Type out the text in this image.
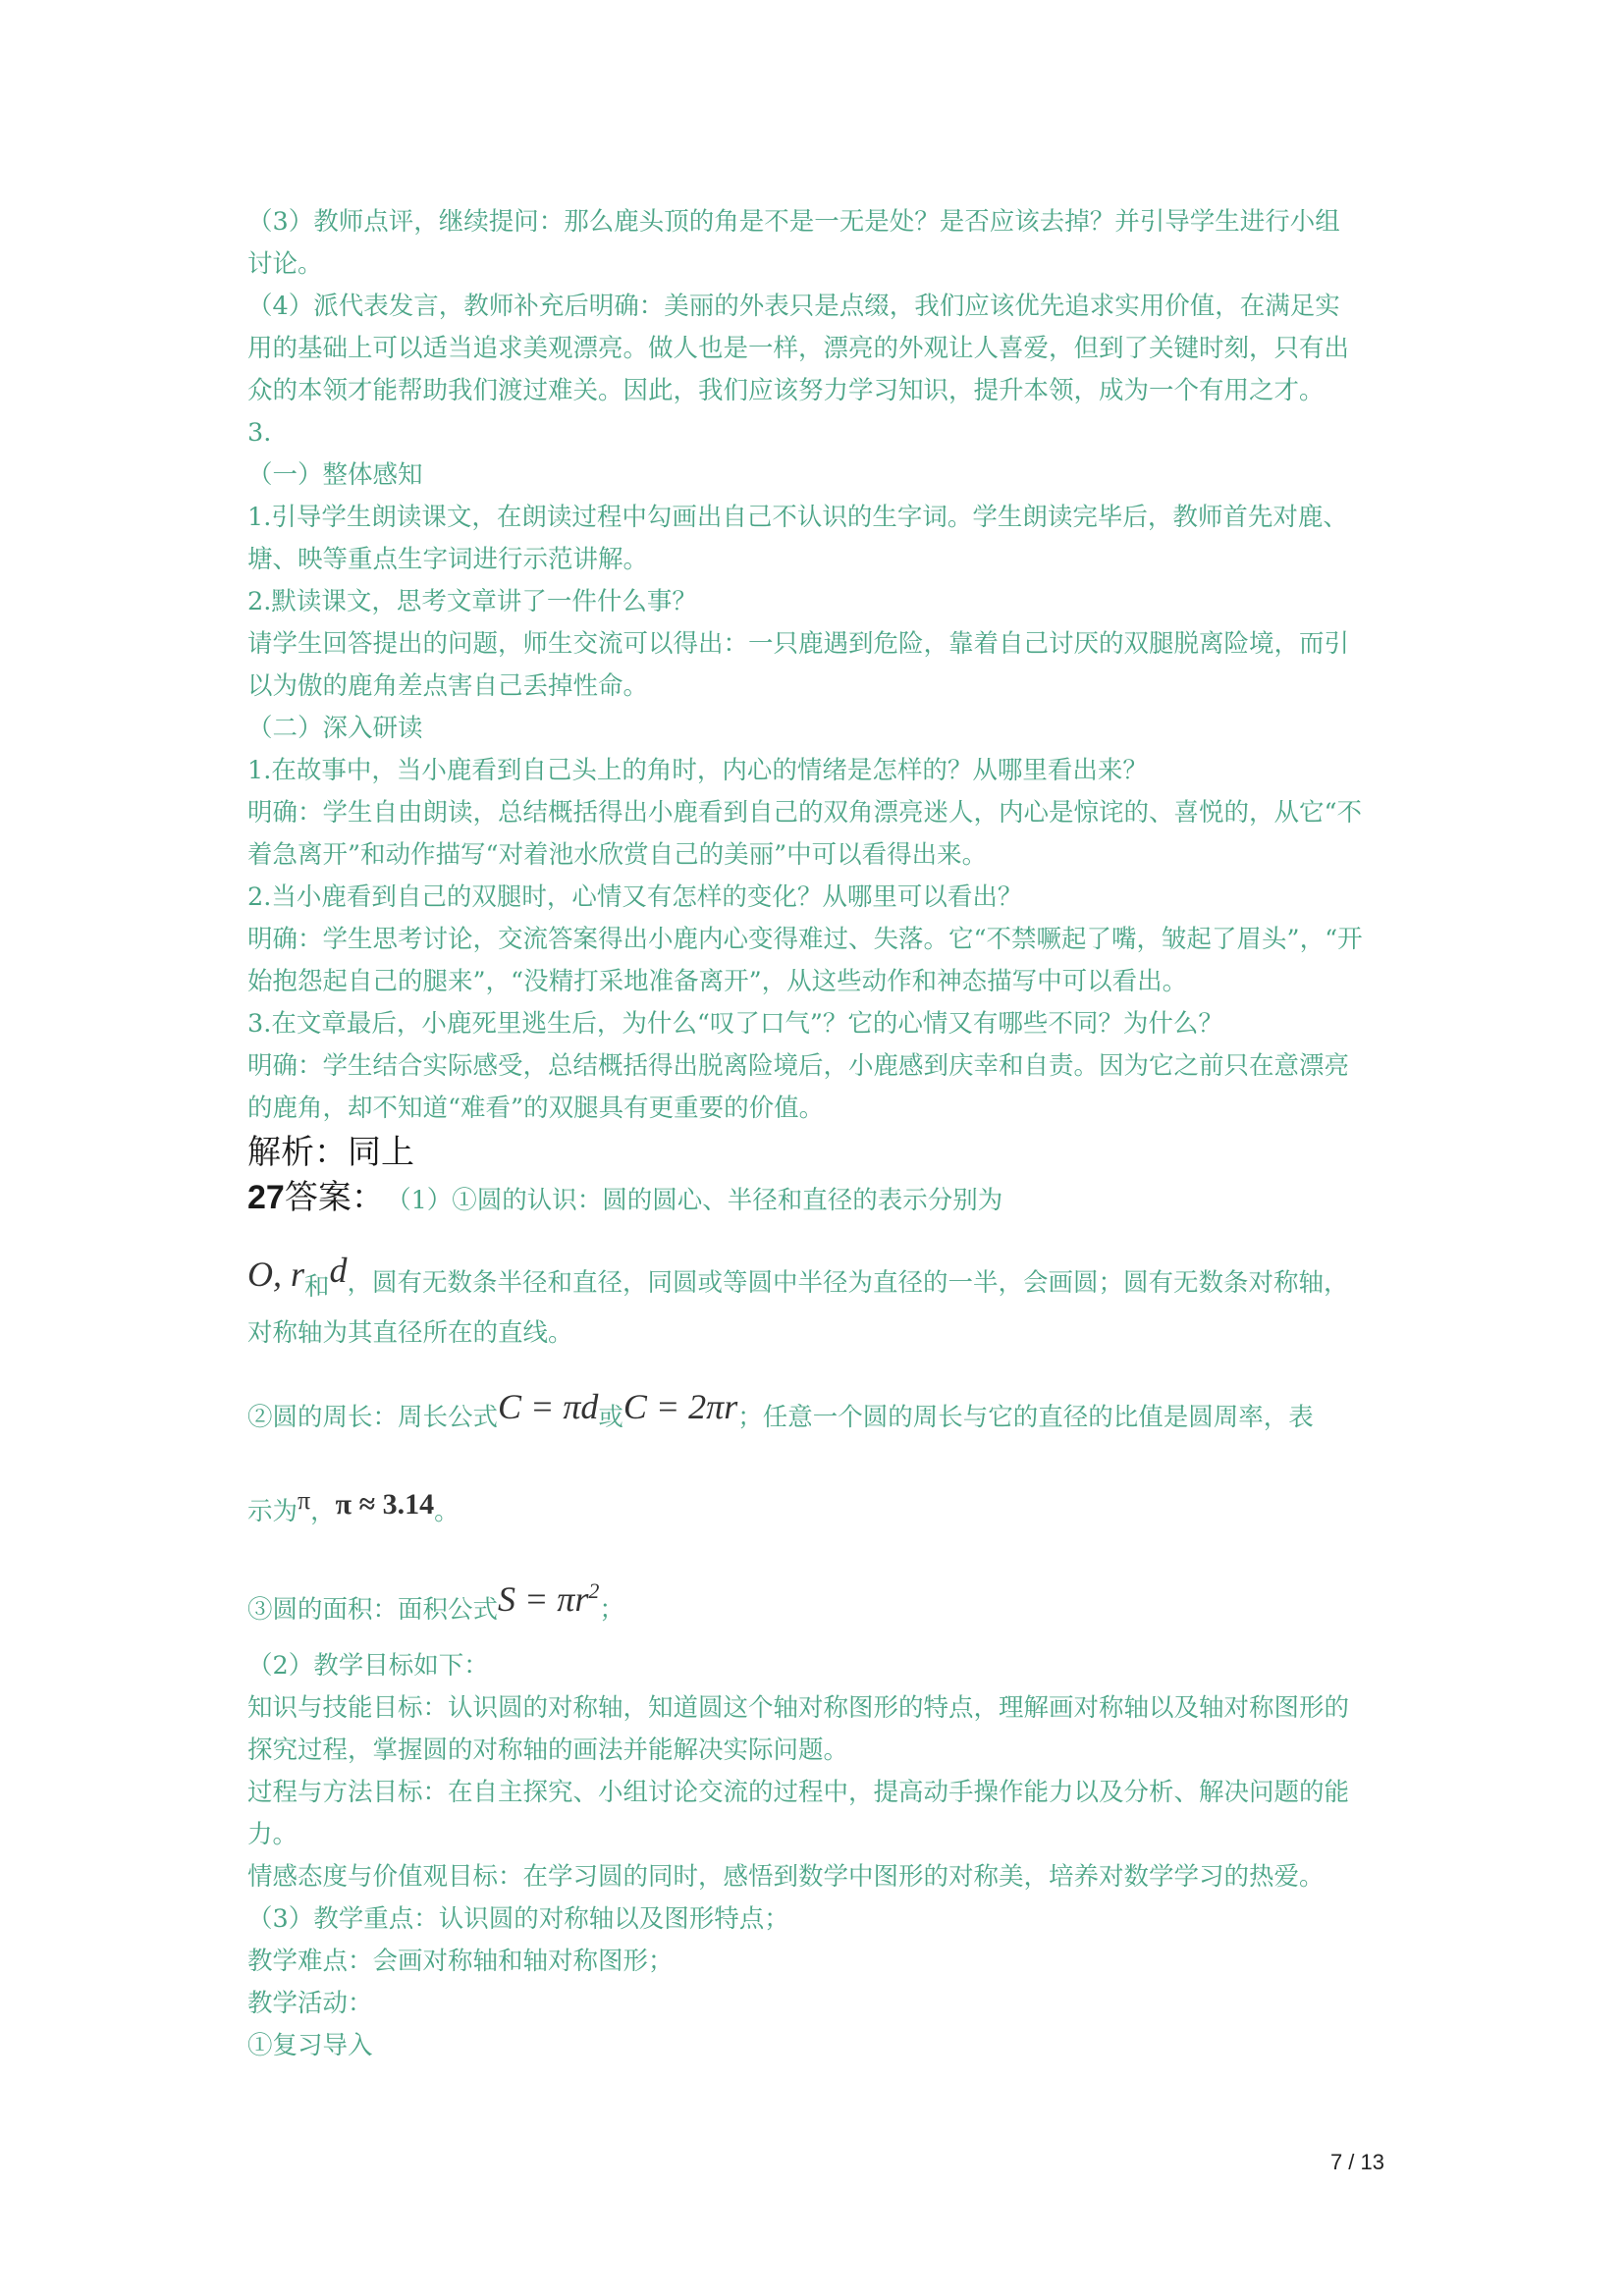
（3）教师点评，继续提问：那么鹿头顶的角是不是一无是处？是否应该去掉？并引导学生进行小组
讨论。
（4）派代表发言，教师补充后明确：美丽的外表只是点缀，我们应该优先追求实用价值，在满足实
用的基础上可以适当追求美观漂亮。做人也是一样，漂亮的外观让人喜爱，但到了关键时刻，只有出
众的本领才能帮助我们渡过难关。因此，我们应该努力学习知识，提升本领，成为一个有用之才。
3.
（一）整体感知
1.引导学生朗读课文，在朗读过程中勾画出自己不认识的生字词。学生朗读完毕后，教师首先对鹿、
塘、映等重点生字词进行示范讲解。
2.默读课文，思考文章讲了一件什么事？
请学生回答提出的问题，师生交流可以得出：一只鹿遇到危险，靠着自己讨厌的双腿脱离险境，而引
以为傲的鹿角差点害自己丢掉性命。
（二）深入研读
1.在故事中，当小鹿看到自己头上的角时，内心的情绪是怎样的？从哪里看出来？
明确：学生自由朗读，总结概括得出小鹿看到自己的双角漂亮迷人，内心是惊诧的、喜悦的，从它“不
着急离开”和动作描写“对着池水欣赏自己的美丽”中可以看得出来。
2.当小鹿看到自己的双腿时，心情又有怎样的变化？从哪里可以看出？
明确：学生思考讨论，交流答案得出小鹿内心变得难过、失落。它“不禁噘起了嘴，皱起了眉头”，“开
始抱怨起自己的腿来”，“没精打采地准备离开”，从这些动作和神态描写中可以看出。
3.在文章最后，小鹿死里逃生后，为什么“叹了口气”？它的心情又有哪些不同？为什么？
明确：学生结合实际感受，总结概括得出脱离险境后，小鹿感到庆幸和自责。因为它之前只在意漂亮
的鹿角，却不知道“难看”的双腿具有更重要的价值。
解析：同上
27答案： （1）①圆的认识：圆的圆心、半径和直径的表示分别为
O, r 和 d ，圆有无数条半径和直径，同圆或等圆中半径为直径的一半，会画圆；圆有无数条对称轴，
对称轴为其直径所在的直线。
②圆的周长：周长公式 C = πd 或 C = 2πr ；任意一个圆的周长与它的直径的比值是圆周率，表
示为 π ， π ≈ 3.14 。
③圆的面积：面积公式 $S = \pi r^2$
；
（2）教学目标如下：
知识与技能目标：认识圆的对称轴，知道圆这个轴对称图形的特点，理解画对称轴以及轴对称图形的
探究过程，掌握圆的对称轴的画法并能解决实际问题。
过程与方法目标：在自主探究、小组讨论交流的过程中，提高动手操作能力以及分析、解决问题的能
力。
情感态度与价值观目标：在学习圆的同时，感悟到数学中图形的对称美，培养对数学学习的热爱。
（3）教学重点：认识圆的对称轴以及图形特点；
教学难点：会画对称轴和轴对称图形；
教学活动：
①复习导入
7 / 13
